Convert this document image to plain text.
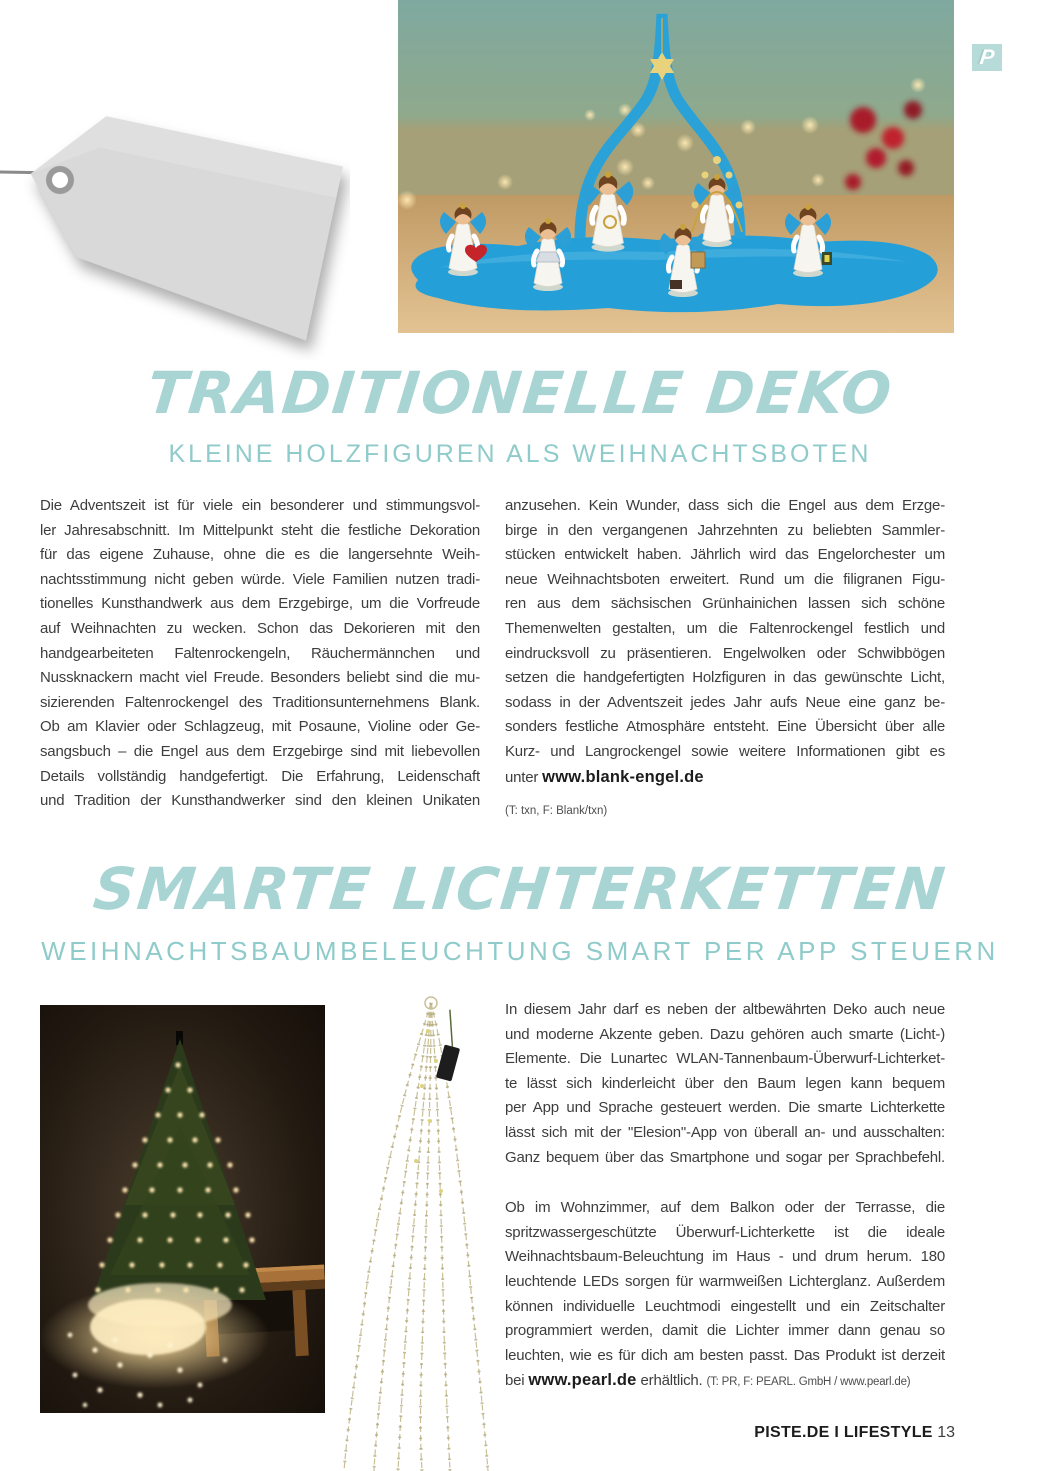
P
TRADITIONELLE DEKO
KLEINE HOLZFIGUREN ALS WEIHNACHTSBOTEN
Die Adventszeit ist für viele ein besonderer und stimmungsvol-
ler Jahresabschnitt. Im Mittelpunkt steht die festliche Dekoration
für das eigene Zuhause, ohne die es die langersehnte Weih-
nachtsstimmung nicht geben würde. Viele Familien nutzen tradi-
tionelles Kunsthandwerk aus dem Erzgebirge, um die Vorfreude
auf Weihnachten zu wecken. Schon das Dekorieren mit den
handgearbeiteten Faltenrockengeln, Räuchermännchen und
Nussknackern macht viel Freude. Besonders beliebt sind die mu-
sizierenden Faltenrockengel des Traditionsunternehmens Blank.
Ob am Klavier oder Schlagzeug, mit Posaune, Violine oder Ge-
sangsbuch – die Engel aus dem Erzgebirge sind mit liebevollen
Details vollständig handgefertigt. Die Erfahrung, Leidenschaft
und Tradition der Kunsthandwerker sind den kleinen Unikaten
anzusehen. Kein Wunder, dass sich die Engel aus dem Erzge-
birge in den vergangenen Jahrzehnten zu beliebten Sammler-
stücken entwickelt haben. Jährlich wird das Engelorchester um
neue Weihnachtsboten erweitert. Rund um die filigranen Figu-
ren aus dem sächsischen Grünhainichen lassen sich schöne
Themenwelten gestalten, um die Faltenrockengel festlich und
eindrucksvoll zu präsentieren. Engelwolken oder Schwibbögen
setzen die handgefertigten Holzfiguren in das gewünschte Licht,
sodass in der Adventszeit jedes Jahr aufs Neue eine ganz be-
sonders festliche Atmosphäre entsteht. Eine Übersicht über alle
Kurz- und Langrockengel sowie weitere Informationen gibt es
unter www.blank-engel.de
(T: txn, F: Blank/txn)
SMARTE LICHTERKETTEN
WEIHNACHTSBAUMBELEUCHTUNG SMART PER APP STEUERN
In diesem Jahr darf es neben der altbewährten Deko auch neue
und moderne Akzente geben. Dazu gehören auch smarte (Licht-)
Elemente. Die Lunartec WLAN-Tannenbaum-Überwurf-Lichterket-
te lässt sich kinderleicht über den Baum legen kann bequem
per App und Sprache gesteuert werden. Die smarte Lichterkette
lässt sich mit der "Elesion"-App von überall an- und ausschalten:
Ganz bequem über das Smartphone und sogar per Sprachbefehl.
Ob im Wohnzimmer, auf dem Balkon oder der Terrasse, die
spritzwassergeschützte Überwurf-Lichterkette ist die ideale
Weihnachtsbaum-Beleuchtung im Haus - und drum herum. 180
leuchtende LEDs sorgen für warmweißen Lichterglanz. Außerdem
können individuelle Leuchtmodi eingestellt und ein Zeitschalter
programmiert werden, damit die Lichter immer dann genau so
leuchten, wie es für dich am besten passt. Das Produkt ist derzeit
bei www.pearl.de erhältlich. (T: PR, F: PEARL. GmbH / www.pearl.de)
PISTE.DE I LIFESTYLE 13
